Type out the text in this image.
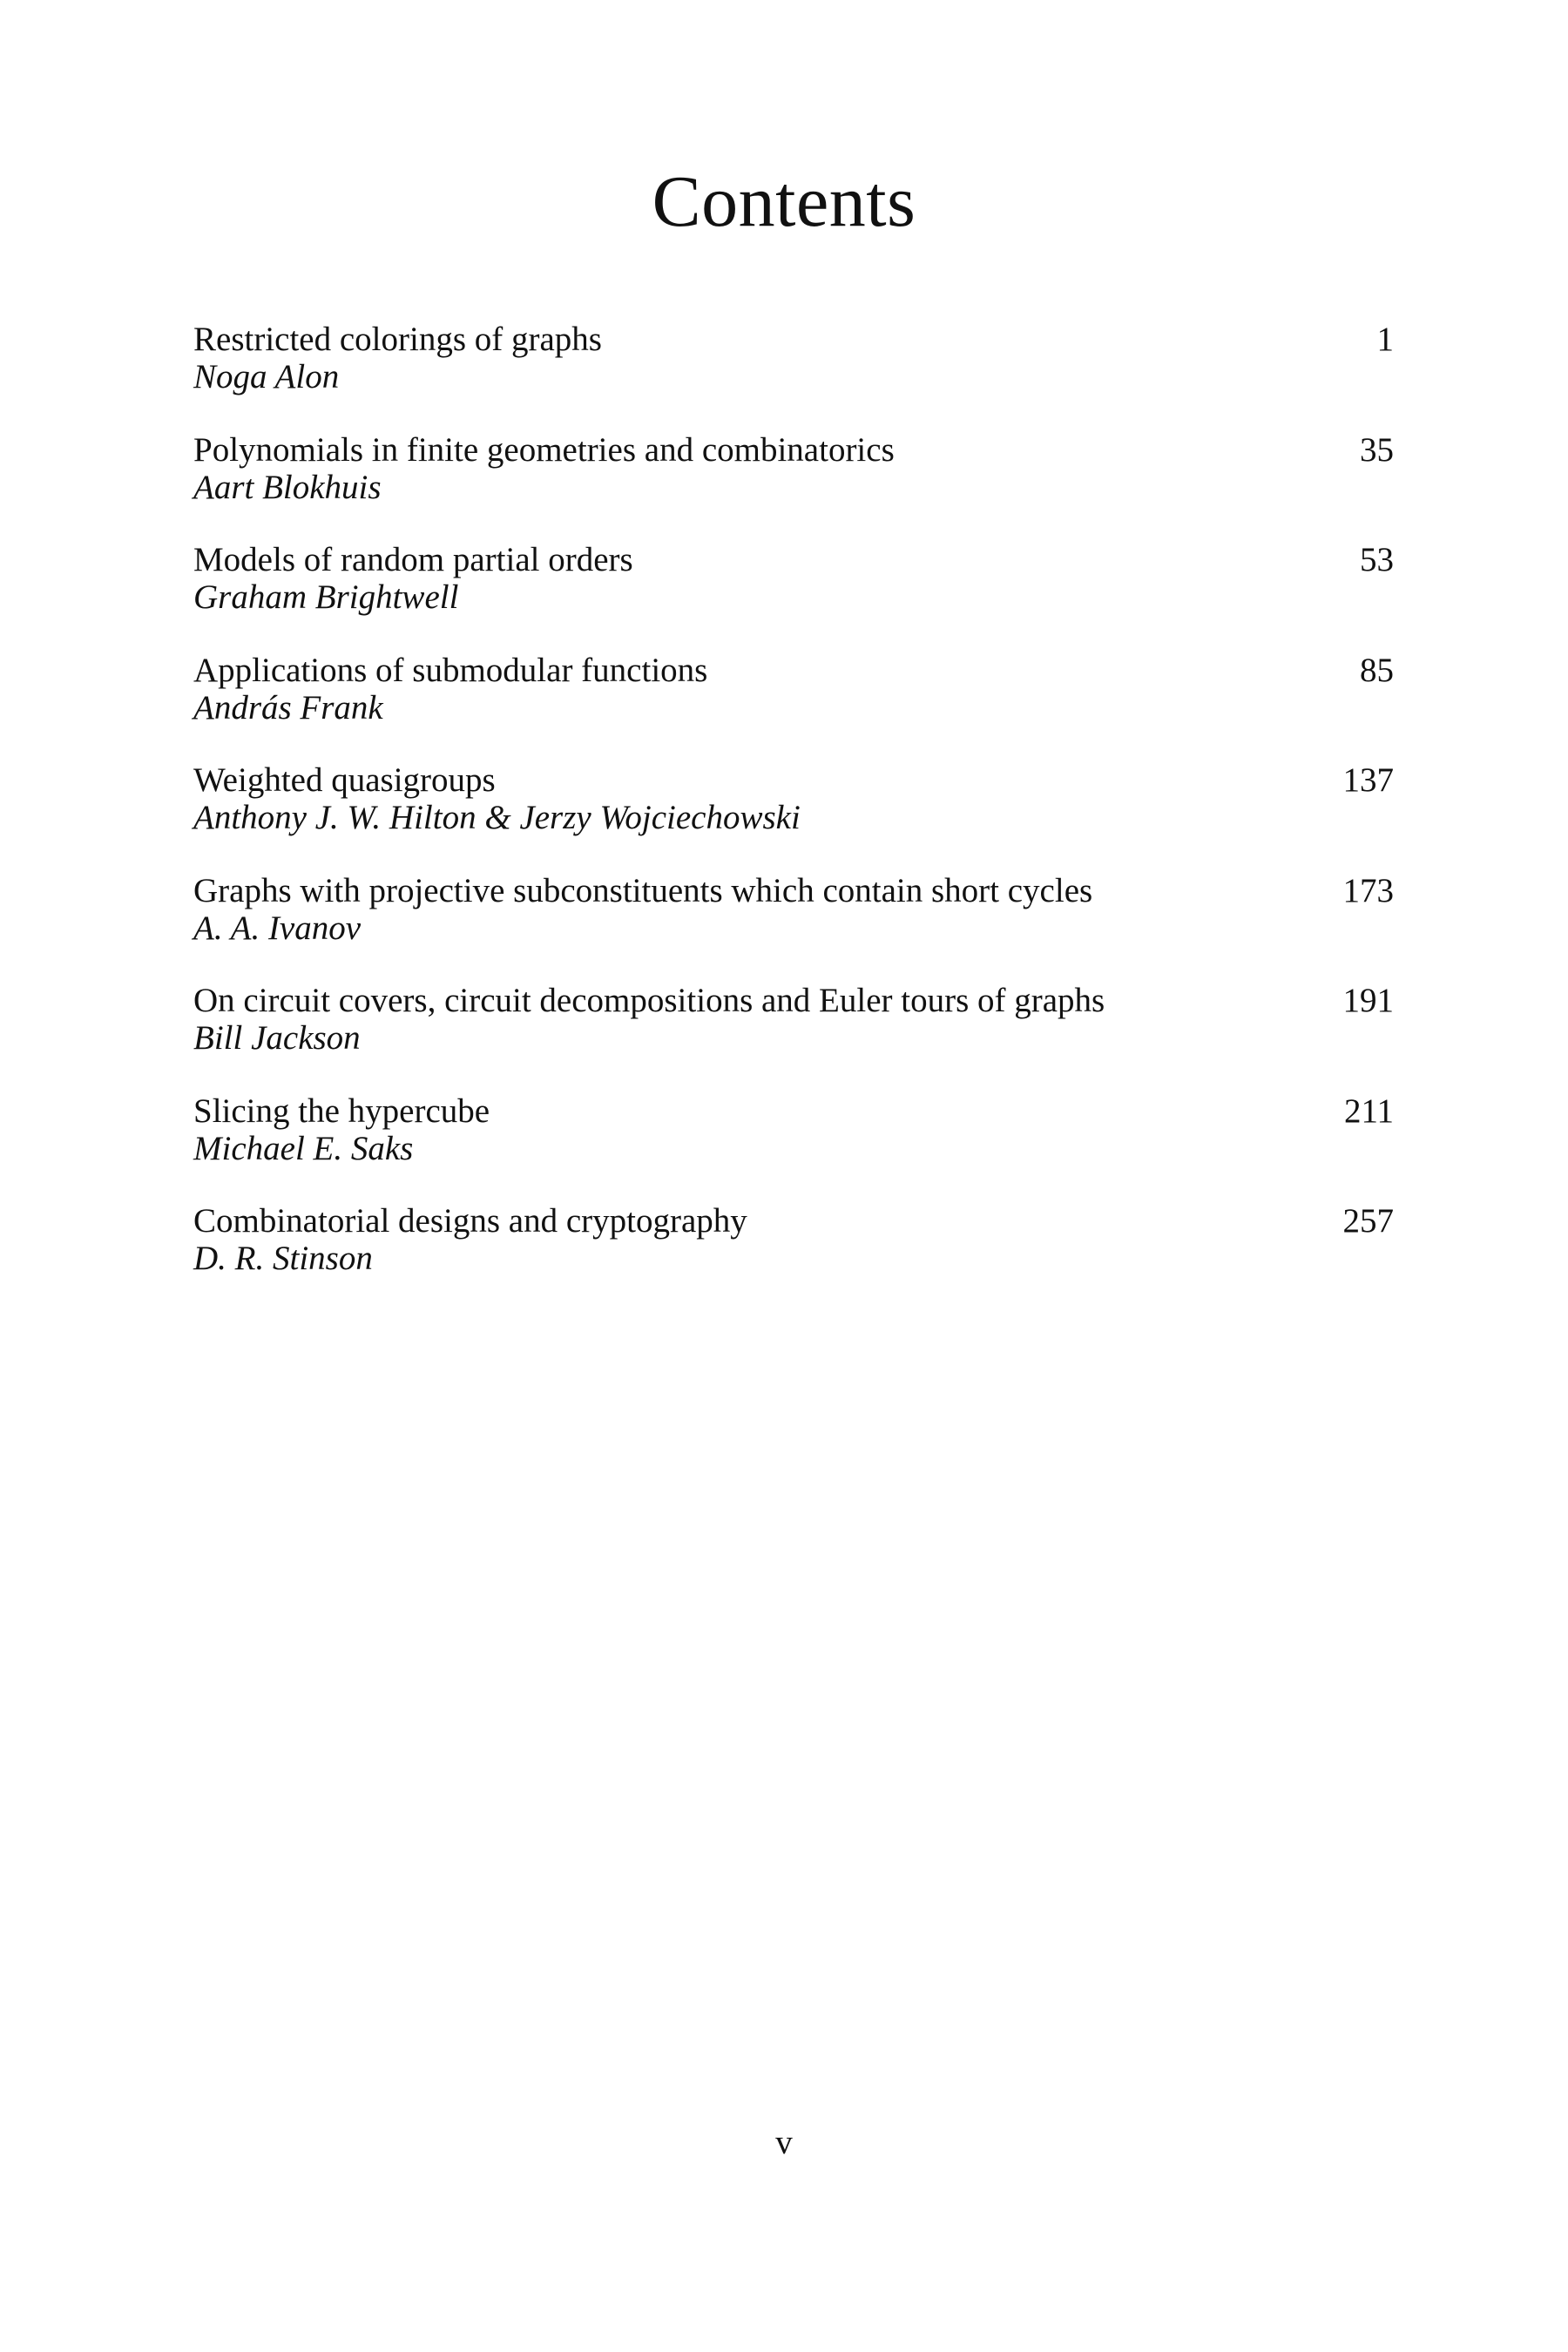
Contents
Restricted colorings of graphs
Noga Alon
1
Polynomials in finite geometries and combinatorics
Aart Blokhuis
35
Models of random partial orders
Graham Brightwell
53
Applications of submodular functions
András Frank
85
Weighted quasigroups
Anthony J. W. Hilton & Jerzy Wojciechowski
137
Graphs with projective subconstituents which contain short cycles
A. A. Ivanov
173
On circuit covers, circuit decompositions and Euler tours of graphs
Bill Jackson
191
Slicing the hypercube
Michael E. Saks
211
Combinatorial designs and cryptography
D. R. Stinson
257
v
